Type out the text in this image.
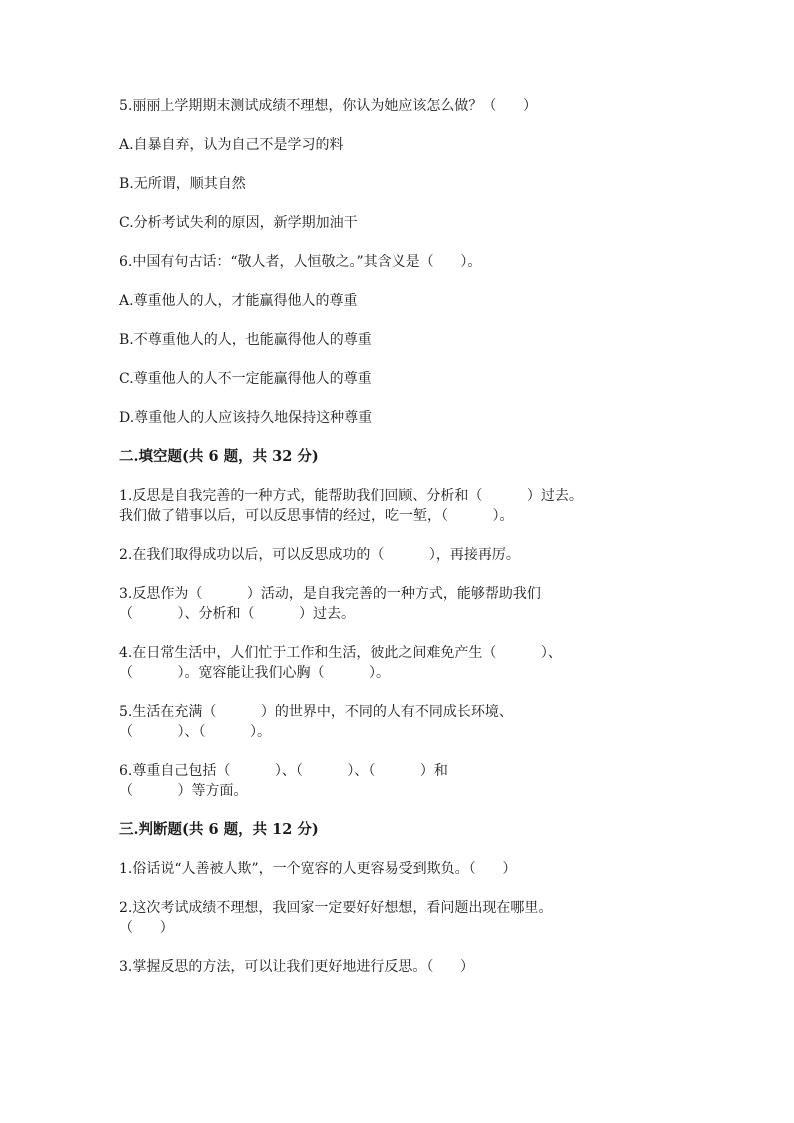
5.丽丽上学期期末测试成绩不理想，你认为她应该怎么做？（      ）

A.自暴自弃，认为自己不是学习的料

B.无所谓，顺其自然

C.分析考试失利的原因，新学期加油干

6.中国有句古话：“敬人者，人恒敬之。”其含义是（      ）。

A.尊重他人的人，才能赢得他人的尊重

B.不尊重他人的人，也能赢得他人的尊重

C.尊重他人的人不一定能赢得他人的尊重

D.尊重他人的人应该持久地保持这种尊重

二.填空题(共 6 题，共 32 分)

1.反思是自我完善的一种方式，能帮助我们回顾、分析和（          ）过去。

我们做了错事以后，可以反思事情的经过，吃一堑，（          ）。

2.在我们取得成功以后，可以反思成功的（          ），再接再厉。

3.反思作为（          ）活动，是自我完善的一种方式，能够帮助我们

（          ）、分析和（          ）过去。

4.在日常生活中，人们忙于工作和生活，彼此之间难免产生（          ）、

（          ）。宽容能让我们心胸（          ）。

5.生活在充满（          ）的世界中，不同的人有不同成长环境、

（          ）、（          ）。

6.尊重自己包括（          ）、（          ）、（          ）和

（          ）等方面。

三.判断题(共 6 题，共 12 分)

1.俗话说“人善被人欺”，一个宽容的人更容易受到欺负。（      ）

2.这次考试成绩不理想，我回家一定要好好想想，看问题出现在哪里。

（      ）

3.掌握反思的方法，可以让我们更好地进行反思。（      ）
